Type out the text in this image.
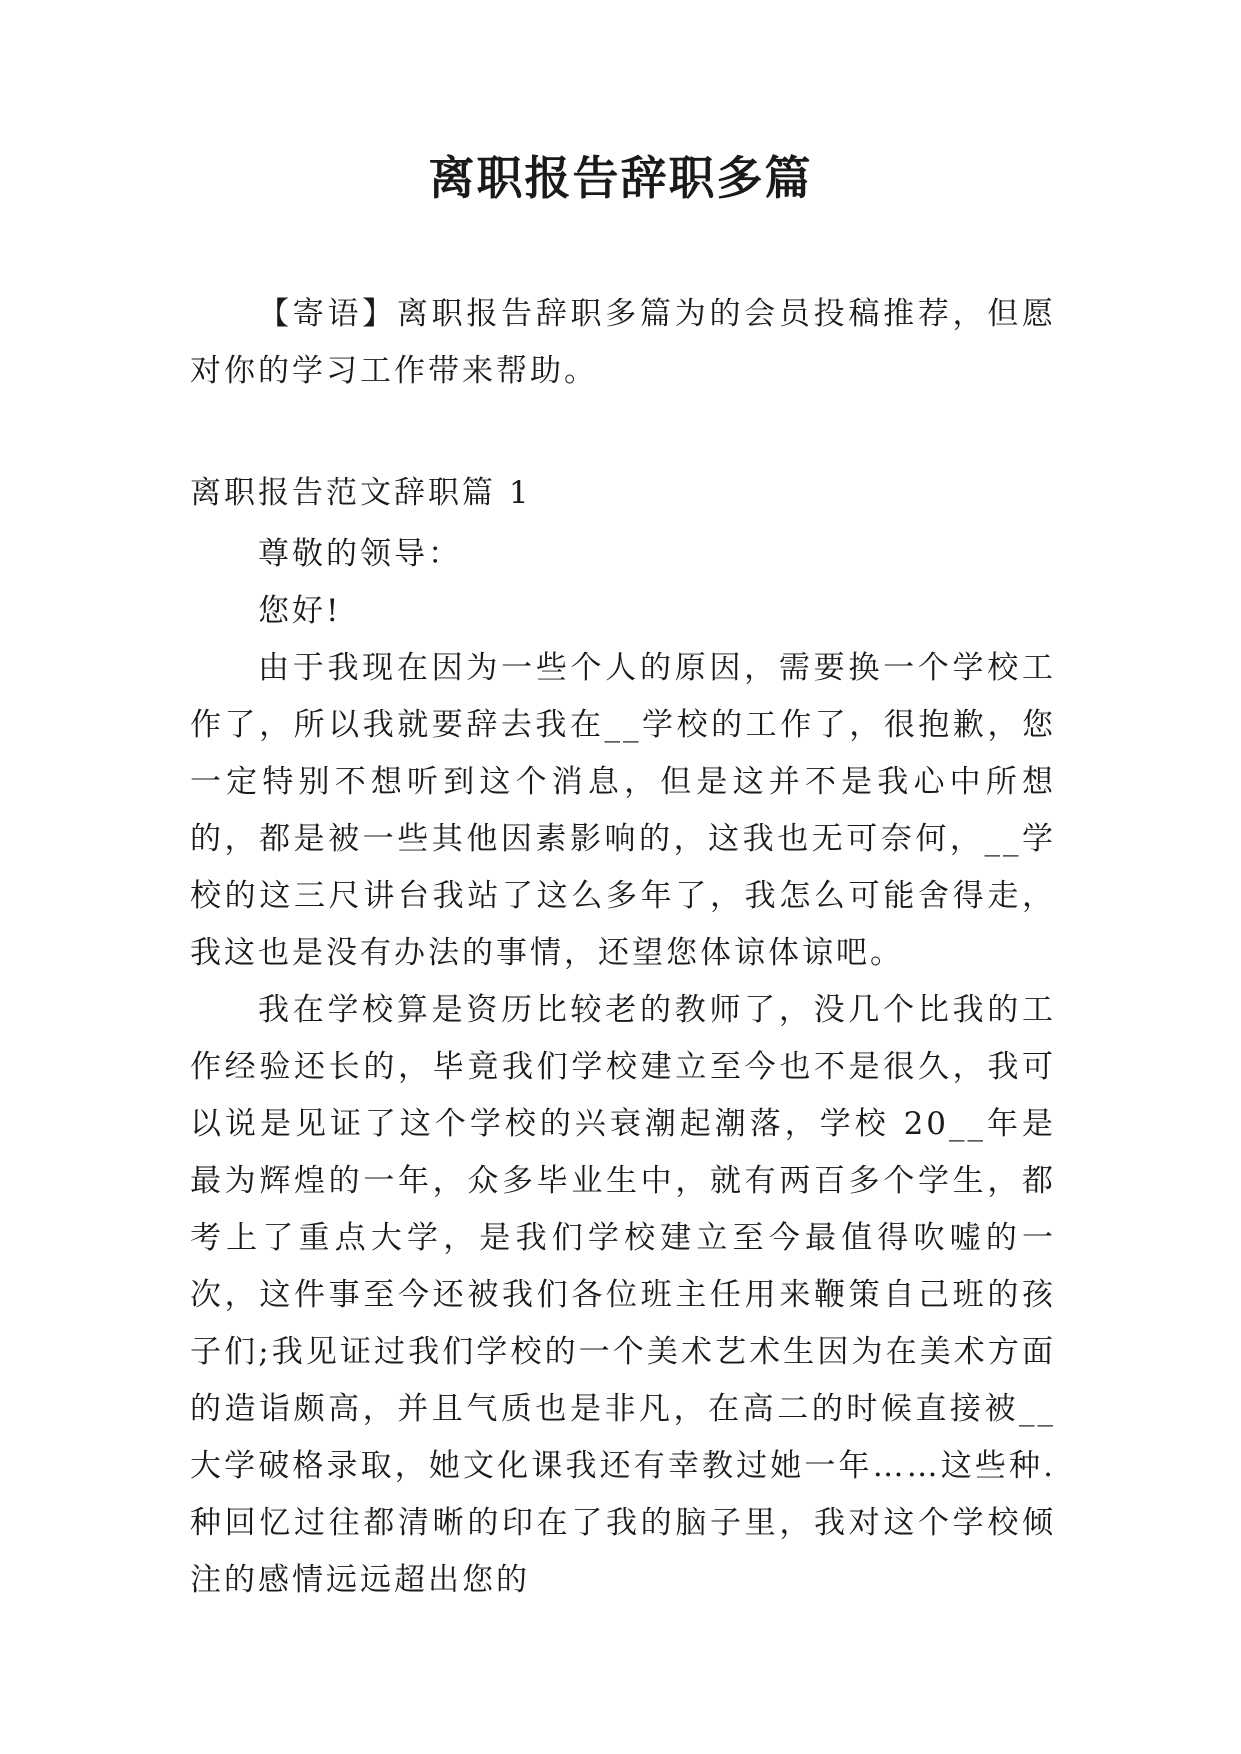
离职报告辞职多篇

【寄语】离职报告辞职多篇为的会员投稿推荐，但愿对你的学习工作带来帮助。

离职报告范文辞职篇 1

尊敬的领导：

您好!

由于我现在因为一些个人的原因，需要换一个学校工作了，所以我就要辞去我在__学校的工作了，很抱歉，您一定特别不想听到这个消息，但是这并不是我心中所想的，都是被一些其他因素影响的，这我也无可奈何，__学校的这三尺讲台我站了这么多年了，我怎么可能舍得走，我这也是没有办法的事情，还望您体谅体谅吧。

我在学校算是资历比较老的教师了，没几个比我的工作经验还长的，毕竟我们学校建立至今也不是很久，我可以说是见证了这个学校的兴衰潮起潮落，学校 20__年是最为辉煌的一年，众多毕业生中，就有两百多个学生，都考上了重点大学，是我们学校建立至今最值得吹嘘的一次，这件事至今还被我们各位班主任用来鞭策自己班的孩子们;我见证过我们学校的一个美术艺术生因为在美术方面的造诣颇高，并且气质也是非凡，在高二的时候直接被__大学破格录取，她文化课我还有幸教过她一年……这些种.种回忆过往都清晰的印在了我的脑子里，我对这个学校倾注的感情远远超出您的
